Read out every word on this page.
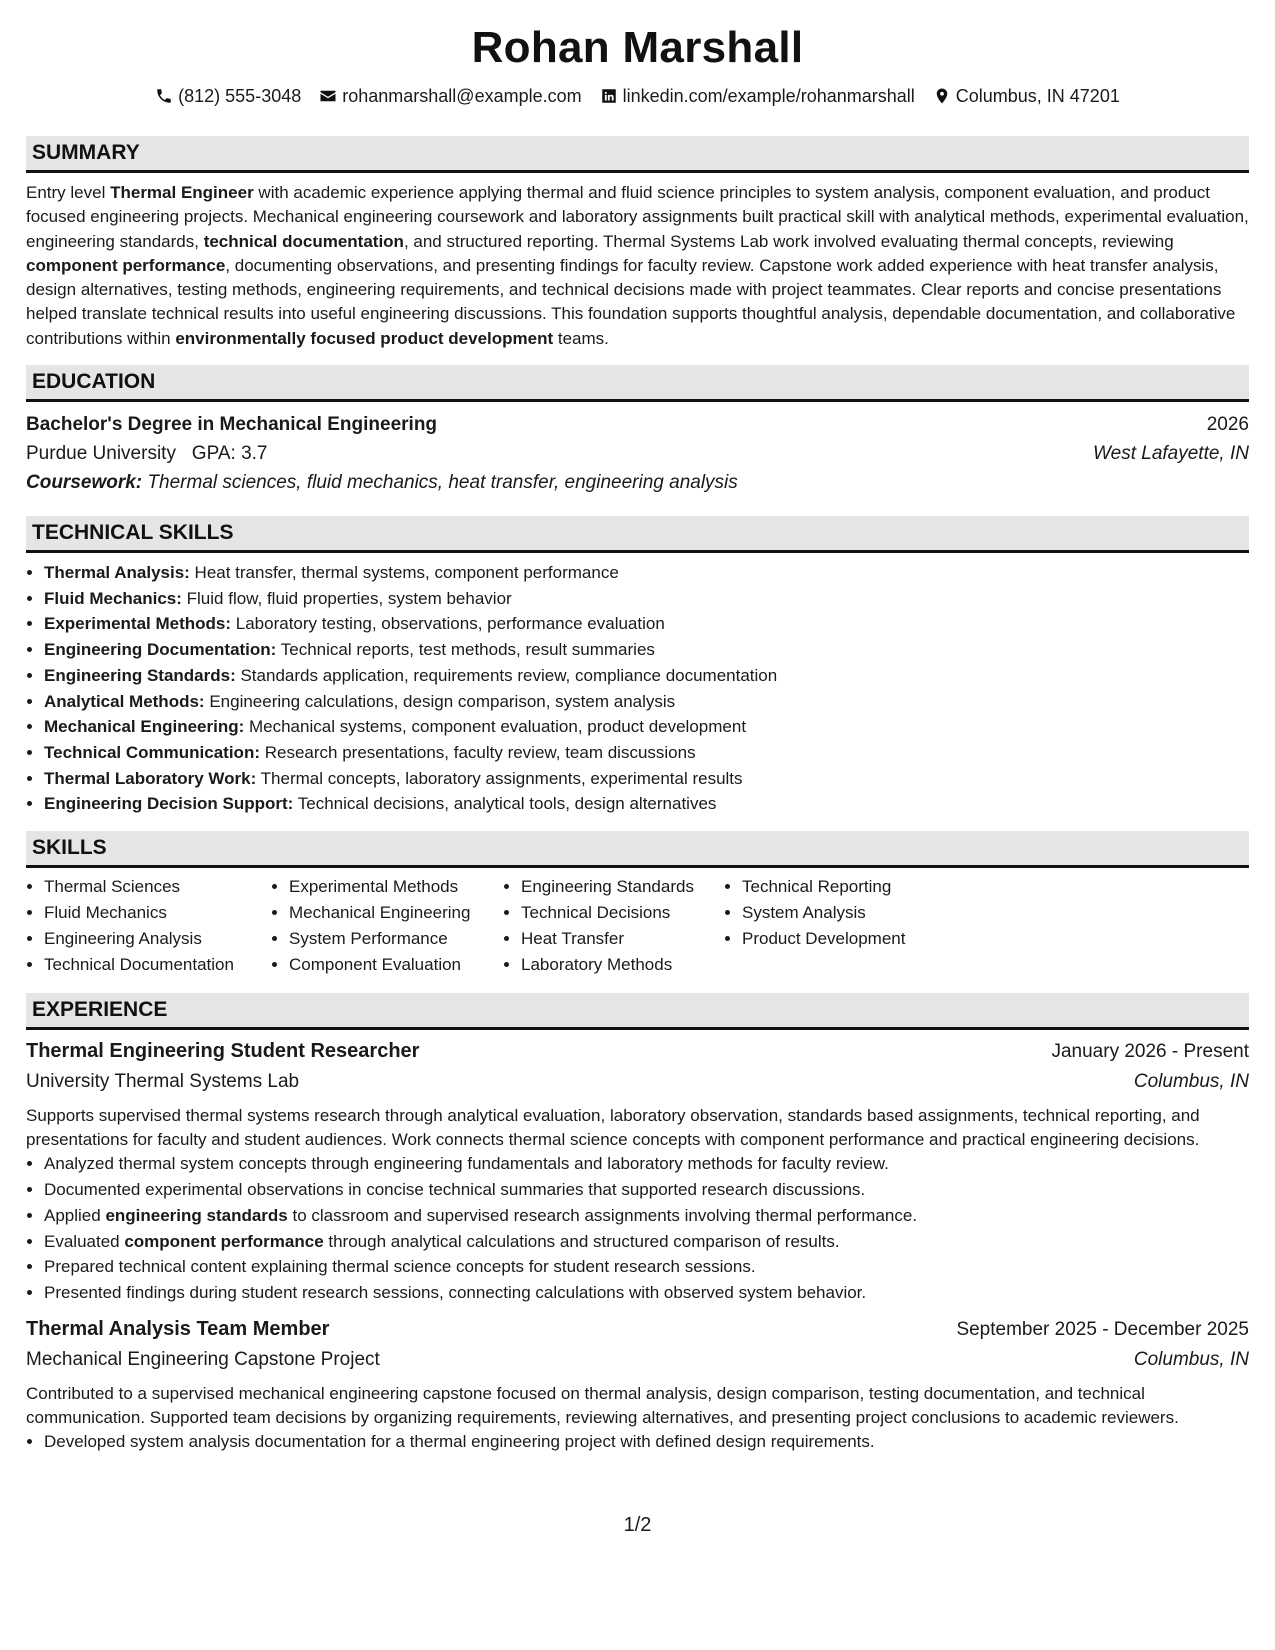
Rohan Marshall
(812) 555-3048 rohanmarshall@example.com linkedin.com/example/rohanmarshall Columbus, IN 47201
SUMMARY

Entry level Thermal Engineer with academic experience applying thermal and fluid science principles to system analysis, component evaluation, and product focused engineering projects. Mechanical engineering coursework and laboratory assignments built practical skill with analytical methods, experimental evaluation, engineering standards, technical documentation, and structured reporting. Thermal Systems Lab work involved evaluating thermal concepts, reviewing component performance, documenting observations, and presenting findings for faculty review. Capstone work added experience with heat transfer analysis, design alternatives, testing methods, engineering requirements, and technical decisions made with project teammates. Clear reports and concise presentations helped translate technical results into useful engineering discussions. This foundation supports thoughtful analysis, dependable documentation, and collaborative contributions within environmentally focused product development teams.

EDUCATION
Bachelor's Degree in Mechanical Engineering	2026
Purdue University GPA: 3.7	West Lafayette, IN
Coursework: Thermal sciences, fluid mechanics, heat transfer, engineering analysis
TECHNICAL SKILLS
• Thermal Analysis: Heat transfer, thermal systems, component performance
• Fluid Mechanics: Fluid flow, fluid properties, system behavior
• Experimental Methods: Laboratory testing, observations, performance evaluation
• Engineering Documentation: Technical reports, test methods, result summaries
• Engineering Standards: Standards application, requirements review, compliance documentation
• Analytical Methods: Engineering calculations, design comparison, system analysis
• Mechanical Engineering: Mechanical systems, component evaluation, product development
• Technical Communication: Research presentations, faculty review, team discussions
• Thermal Laboratory Work: Thermal concepts, laboratory assignments, experimental results
• Engineering Decision Support: Technical decisions, analytical tools, design alternatives
SKILLS
• Thermal Sciences
• Fluid Mechanics
• Engineering Analysis
• Technical Documentation
• Experimental Methods
• Mechanical Engineering
• System Performance
• Component Evaluation
• Engineering Standards
• Technical Decisions
• Heat Transfer
• Laboratory Methods
• Technical Reporting
• System Analysis
• Product Development
EXPERIENCE
Thermal Engineering Student Researcher	January 2026 - Present
University Thermal Systems Lab	Columbus, IN
Supports supervised thermal systems research through analytical evaluation, laboratory observation, standards based assignments, technical reporting, and presentations for faculty and student audiences. Work connects thermal science concepts with component performance and practical engineering decisions.
• Analyzed thermal system concepts through engineering fundamentals and laboratory methods for faculty review.
• Documented experimental observations in concise technical summaries that supported research discussions.
• Applied engineering standards to classroom and supervised research assignments involving thermal performance.
• Evaluated component performance through analytical calculations and structured comparison of results.
• Prepared technical content explaining thermal science concepts for student research sessions.
• Presented findings during student research sessions, connecting calculations with observed system behavior.
Thermal Analysis Team Member	September 2025 - December 2025
Mechanical Engineering Capstone Project	Columbus, IN
Contributed to a supervised mechanical engineering capstone focused on thermal analysis, design comparison, testing documentation, and technical communication. Supported team decisions by organizing requirements, reviewing alternatives, and presenting project conclusions to academic reviewers.
• Developed system analysis documentation for a thermal engineering project with defined design requirements.
1/2
